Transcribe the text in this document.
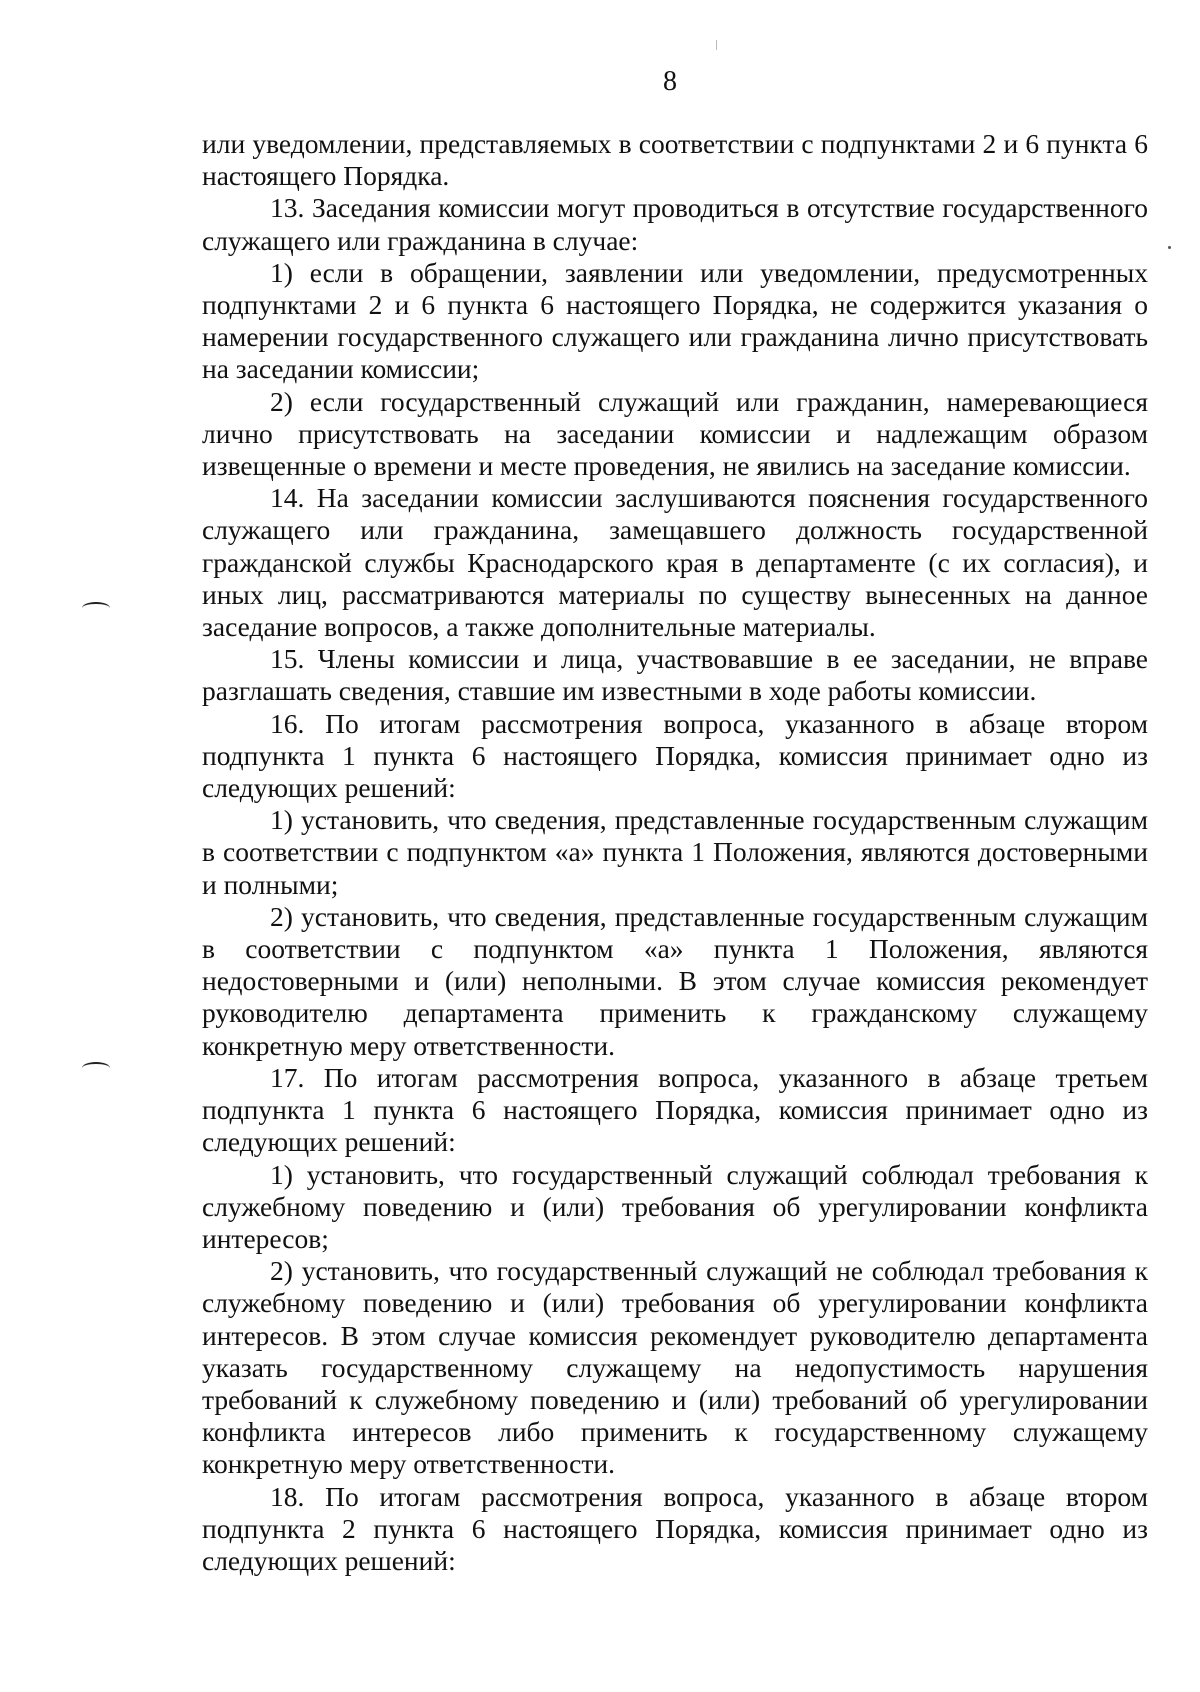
8

или уведомлении, представляемых в соответствии с подпунктами 2 и 6 пункта 6 настоящего Порядка.

13. Заседания комиссии могут проводиться в отсутствие государственного служащего или гражданина в случае:

1) если в обращении, заявлении или уведомлении, предусмотренных подпунктами 2 и 6 пункта 6 настоящего Порядка, не содержится указания о намерении государственного служащего или гражданина лично присутствовать на заседании комиссии;

2) если государственный служащий или гражданин, намеревающиеся лично присутствовать на заседании комиссии и надлежащим образом извещенные о времени и месте проведения, не явились на заседание комиссии.

14. На заседании комиссии заслушиваются пояснения государственного служащего или гражданина, замещавшего должность государственной гражданской службы Краснодарского края в департаменте (с их согласия), и иных лиц, рассматриваются материалы по существу вынесенных на данное заседание вопросов, а также дополнительные материалы.

15. Члены комиссии и лица, участвовавшие в ее заседании, не вправе разглашать сведения, ставшие им известными в ходе работы комиссии.

16. По итогам рассмотрения вопроса, указанного в абзаце втором подпункта 1 пункта 6 настоящего Порядка, комиссия принимает одно из следующих решений:

1) установить, что сведения, представленные государственным служащим в соответствии с подпунктом «а» пункта 1 Положения, являются достоверными и полными;

2) установить, что сведения, представленные государственным служащим в соответствии с подпунктом «а» пункта 1 Положения, являются недостоверными и (или) неполными. В этом случае комиссия рекомендует руководителю департамента применить к гражданскому служащему конкретную меру ответственности.

17. По итогам рассмотрения вопроса, указанного в абзаце третьем подпункта 1 пункта 6 настоящего Порядка, комиссия принимает одно из следующих решений:

1) установить, что государственный служащий соблюдал требования к служебному поведению и (или) требования об урегулировании конфликта интересов;

2) установить, что государственный служащий не соблюдал требования к служебному поведению и (или) требования об урегулировании конфликта интересов. В этом случае комиссия рекомендует руководителю департамента указать государственному служащему на недопустимость нарушения требований к служебному поведению и (или) требований об урегулировании конфликта интересов либо применить к государственному служащему конкретную меру ответственности.

18. По итогам рассмотрения вопроса, указанного в абзаце втором подпункта 2 пункта 6 настоящего Порядка, комиссия принимает одно из следующих решений:
